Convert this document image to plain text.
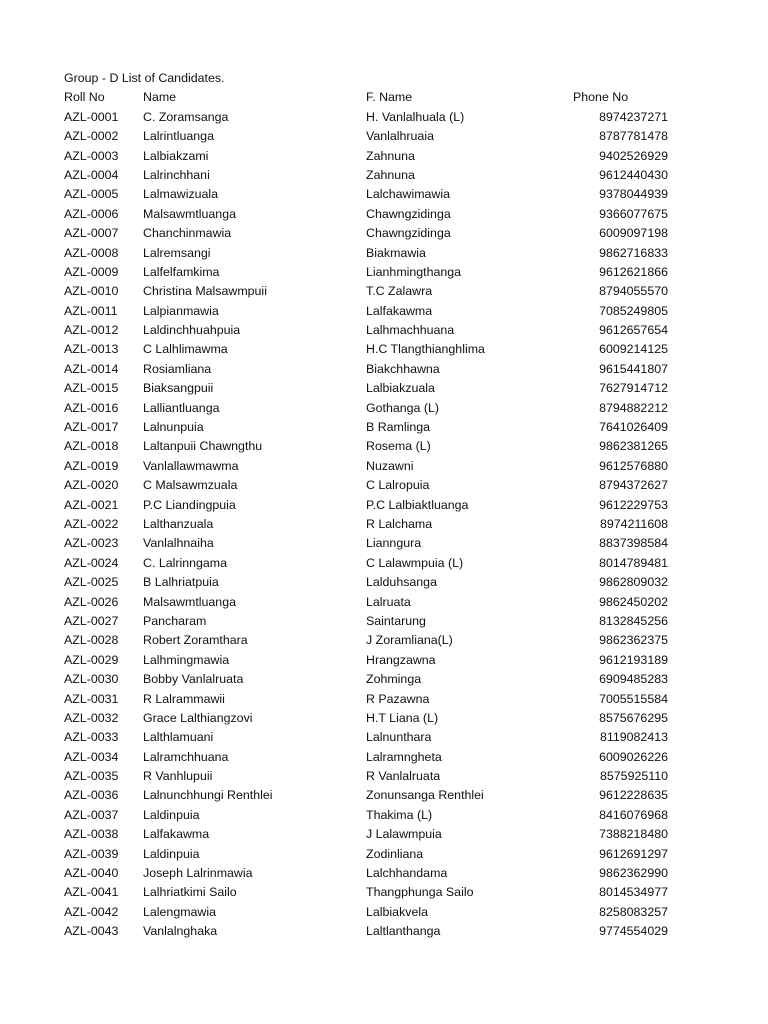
Group - D List of Candidates.
Roll No	Name	F. Name	Phone No
AZL-0001 C. Zoramsanga	H. Vanlalhuala (L)	8974237271
AZL-0002 Lalrintluanga	Vanlalhruaia	8787781478
AZL-0003 Lalbiakzami	Zahnuna	9402526929
AZL-0004 Lalrinchhani	Zahnuna	9612440430
AZL-0005 Lalmawizuala	Lalchawimawia	9378044939
AZL-0006 Malsawmtluanga	Chawngzidinga	9366077675
AZL-0007 Chanchinmawia	Chawngzidinga	6009097198
AZL-0008 Lalremsangi	Biakmawia	9862716833
AZL-0009 Lalfelfamkima	Lianhmingthanga	9612621866
AZL-0010 Christina Malsawmpuii	T.C Zalawra	8794055570
AZL-0011 Lalpianmawia	Lalfakawma	7085249805
AZL-0012 Laldinchhuahpuia	Lalhmachhuana	9612657654
AZL-0013 C Lalhlimawma	H.C Tlangthianghlima	6009214125
AZL-0014 Rosiamliana	Biakchhawna	9615441807
AZL-0015 Biaksangpuii	Lalbiakzuala	7627914712
AZL-0016 Lalliantluanga	Gothanga (L)	8794882212
AZL-0017 Lalnunpuia	B Ramlinga	7641026409
AZL-0018 Laltanpuii Chawngthu	Rosema (L)	9862381265
AZL-0019 Vanlallawmawma	Nuzawni	9612576880
AZL-0020 C Malsawmzuala	C Lalropuia	8794372627
AZL-0021 P.C Liandingpuia	P.C Lalbiaktluanga	9612229753
AZL-0022 Lalthanzuala	R Lalchama	8974211608
AZL-0023 Vanlalhnaiha	Lianngura	8837398584
AZL-0024 C. Lalrinngama	C Lalawmpuia (L)	8014789481
AZL-0025 B Lalhriatpuia	Lalduhsanga	9862809032
AZL-0026 Malsawmtluanga	Lalruata	9862450202
AZL-0027 Pancharam	Saintarung	8132845256
AZL-0028 Robert Zoramthara	J Zoramliana(L)	9862362375
AZL-0029 Lalhmingmawia	Hrangzawna	9612193189
AZL-0030 Bobby Vanlalruata	Zohminga	6909485283
AZL-0031 R Lalrammawii	R Pazawna	7005515584
AZL-0032 Grace Lalthiangzovi	H.T Liana (L)	8575676295
AZL-0033 Lalthlamuani	Lalnunthara	8119082413
AZL-0034 Lalramchhuana	Lalramngheta	6009026226
AZL-0035 R Vanhlupuii	R Vanlalruata	8575925110
AZL-0036 Lalnunchhungi Renthlei	Zonunsanga Renthlei	9612228635
AZL-0037 Laldinpuia	Thakima (L)	8416076968
AZL-0038 Lalfakawma	J Lalawmpuia	7388218480
AZL-0039 Laldinpuia	Zodinliana	9612691297
AZL-0040 Joseph Lalrinmawia	Lalchhandama	9862362990
AZL-0041 Lalhriatkimi Sailo	Thangphunga Sailo	8014534977
AZL-0042 Lalengmawia	Lalbiakvela	8258083257
AZL-0043 Vanlalnghaka	Laltlanthanga	9774554029
